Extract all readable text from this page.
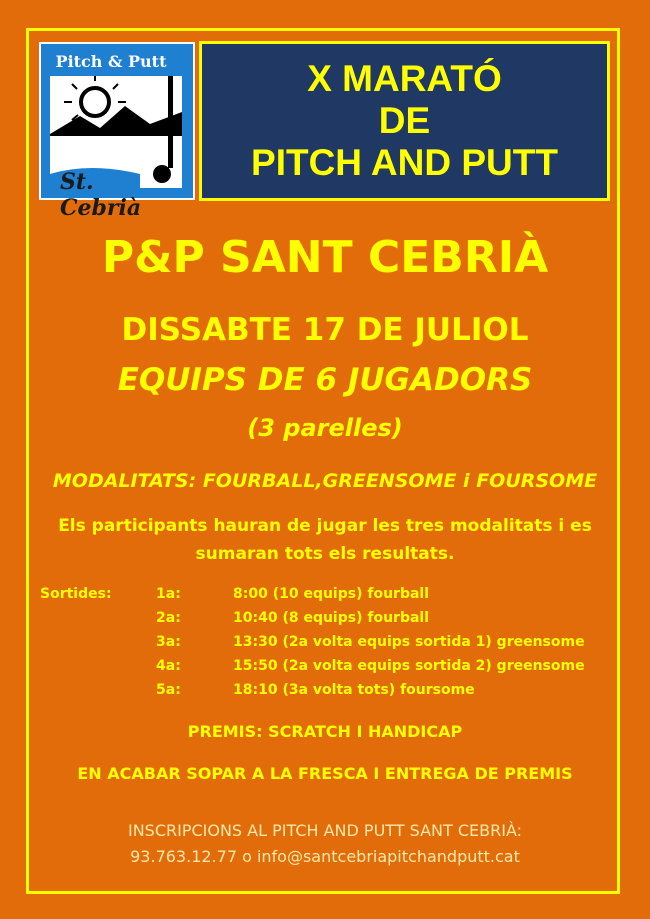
Pitch & Putt
St. Cebrià
X MARATÓ
DE
PITCH AND PUTT
P&P SANT CEBRIÀ
DISSABTE 17 DE JULIOL
EQUIPS DE 6 JUGADORS
(3 parelles)
MODALITATS: FOURBALL,GREENSOME i FOURSOME
Els participants hauran de jugar les tres modalitats i es
sumaran tots els resultats.
Sortides:	1a:	8:00 (10 equips) fourball
2a:	10:40 (8 equips) fourball
3a:	13:30 (2a volta equips sortida 1) greensome
4a:	15:50 (2a volta equips sortida 2) greensome
5a:	18:10 (3a volta tots) foursome
PREMIS: SCRATCH I HANDICAP
EN ACABAR SOPAR A LA FRESCA I ENTREGA DE PREMIS
INSCRIPCIONS AL PITCH AND PUTT SANT CEBRIÀ:
93.763.12.77 o info@santcebriapitchandputt.cat
